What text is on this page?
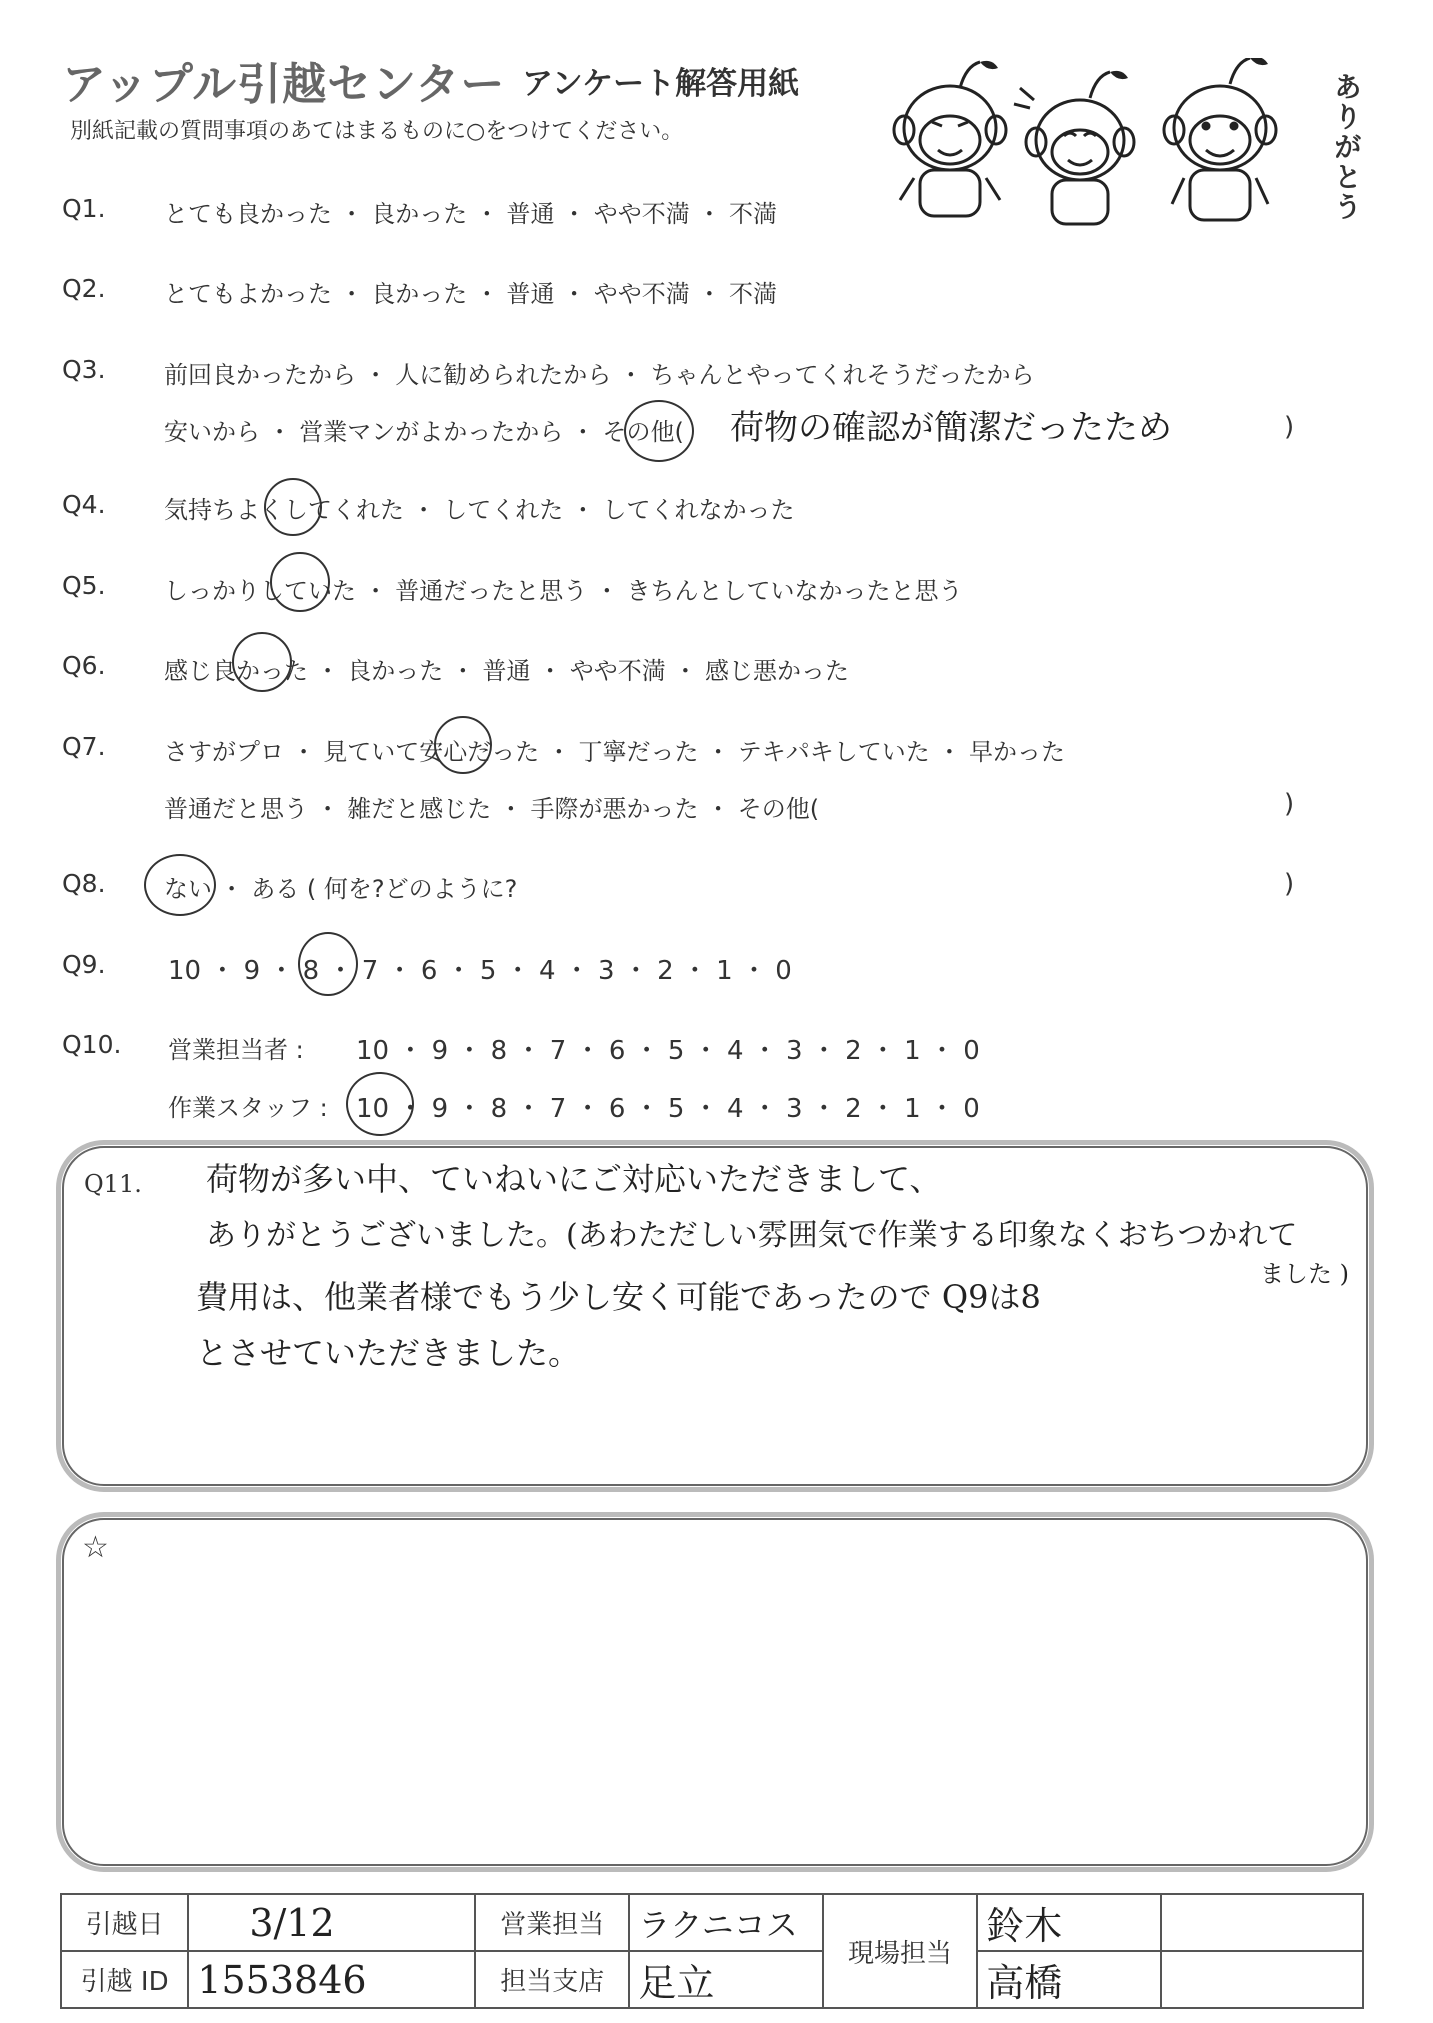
アップル引越センター アンケート解答用紙
別紙記載の質問事項のあてはまるものに○をつけてください。	ありがとう
Q1. とても良かった ・ 良かった ・ 普通 ・ やや不満 ・ 不満
Q2. とてもよかった ・ 良かった ・ 普通 ・ やや不満 ・ 不満
Q3. 前回良かったから ・ 人に勧められたから ・ ちゃんとやってくれそうだったから
安いから ・ 営業マンがよかったから ・ その他( 荷物の確認が簡潔だったため	)
Q4. 気持ちよくしてくれた ・ してくれた ・ してくれなかった
Q5. しっかりしていた ・ 普通だったと思う ・ きちんとしていなかったと思う
Q6. 感じ良かった ・ 良かった ・ 普通 ・ やや不満 ・ 感じ悪かった
Q7. さすがプロ ・ 見ていて安心だった ・ 丁寧だった ・ テキパキしていた ・ 早かった
普通だと思う ・ 雑だと感じた ・ 手際が悪かった ・ その他(	)
Q8. ない ・ ある ( 何を?どのように?	)
Q9. 10 ・ 9 ・ 8 ・ 7 ・ 6 ・ 5 ・ 4 ・ 3 ・ 2 ・ 1 ・ 0
Q10. 営業担当者 : 10 ・ 9 ・ 8 ・ 7 ・ 6 ・ 5 ・ 4 ・ 3 ・ 2 ・ 1 ・ 0
作業スタッフ : 10 ・ 9 ・ 8 ・ 7 ・ 6 ・ 5 ・ 4 ・ 3 ・ 2 ・ 1 ・ 0
Q11. 荷物が多い中、ていねいにご対応いただきまして、
ありがとうございました。(あわただしい雰囲気で作業する印象なくおちつかれて
ました )
費用は、他業者様でもう少し安く可能であったので Q9は8
とさせていただきました。
☆
引越日	3/12	営業担当	ラクニコス	現場担当	鈴木	
引越 ID	1553846	担当支店	足立		高橋	
